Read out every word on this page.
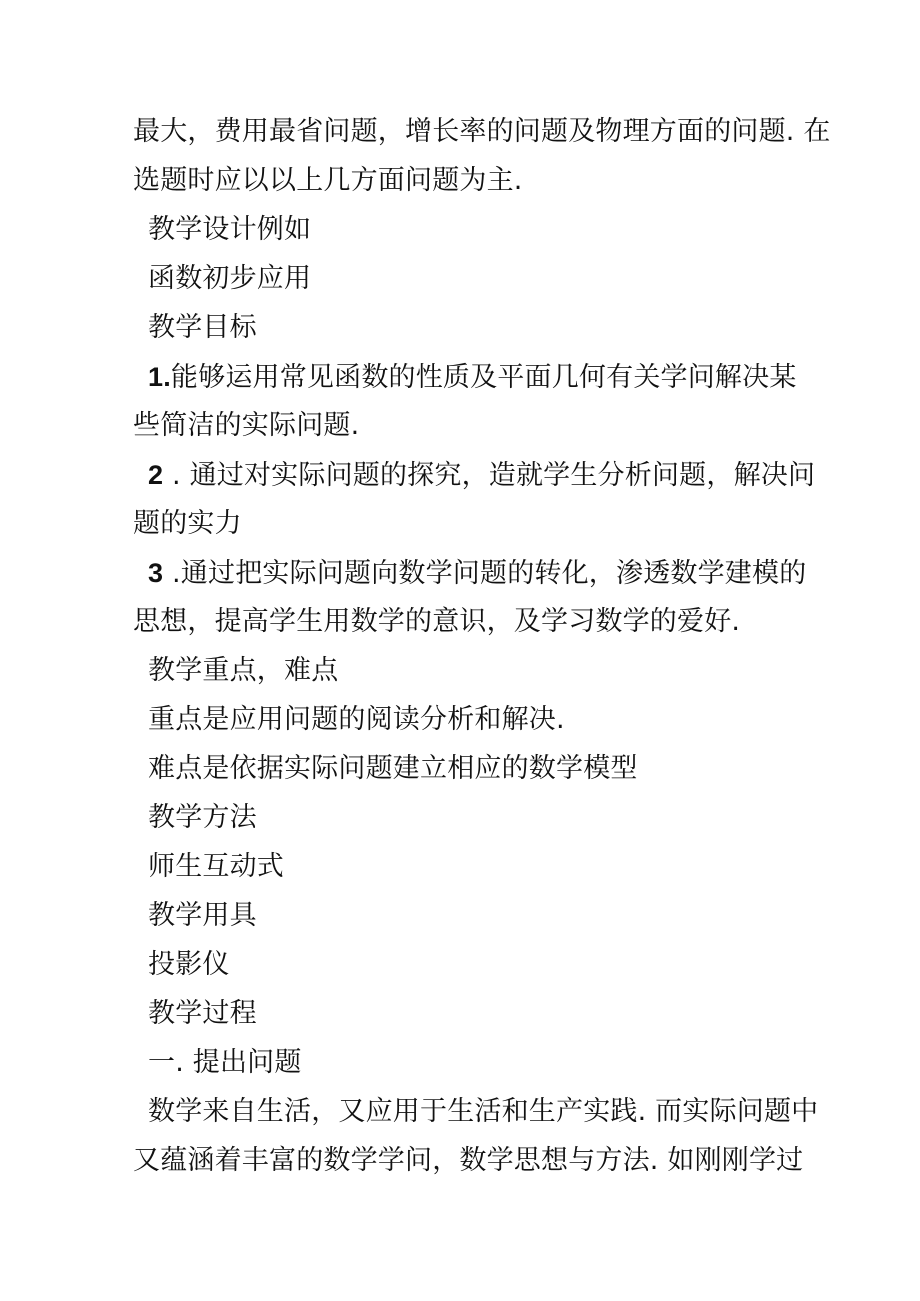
最大，费用最省问题，增长率的问题及物理方面的问题. 在
选题时应以以上几方面问题为主.
教学设计例如
函数初步应用
教学目标
1.能够运用常见函数的性质及平面几何有关学问解决某
些简洁的实际问题.
2 . 通过对实际问题的探究，造就学生分析问题，解决问
题的实力
3 .通过把实际问题向数学问题的转化，渗透数学建模的
思想，提高学生用数学的意识，及学习数学的爱好.
教学重点，难点
重点是应用问题的阅读分析和解决.
难点是依据实际问题建立相应的数学模型
教学方法
师生互动式
教学用具
投影仪
教学过程
一. 提出问题
数学来自生活，又应用于生活和生产实践. 而实际问题中
又蕴涵着丰富的数学学问，数学思想与方法. 如刚刚学过
